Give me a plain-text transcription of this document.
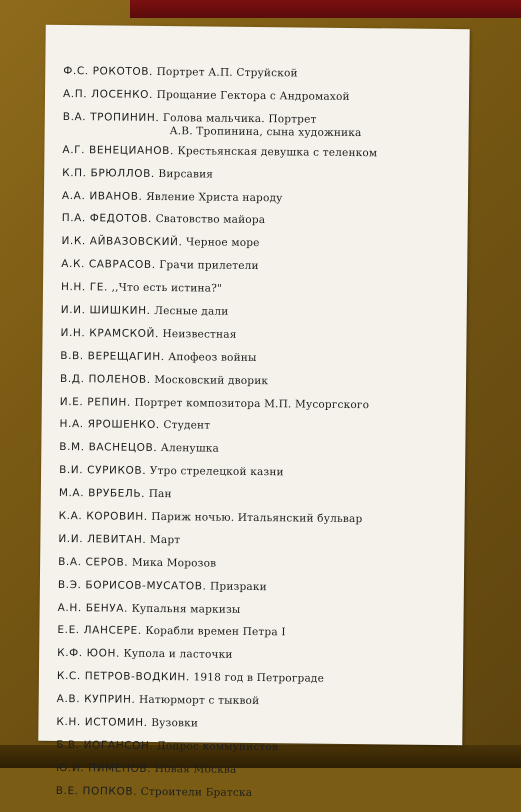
Ф.С. РОКОТОВ. Портрет А.П. Струйской
А.П. ЛОСЕНКО. Прощание Гектора с Андромахой
В.А. ТРОПИНИН. Голова мальчика. Портрет
А.В. Тропинина, сына художника
А.Г. ВЕНЕЦИАНОВ. Крестьянская девушка с теленком
К.П. БРЮЛЛОВ. Вирсавия
А.А. ИВАНОВ. Явление Христа народу
П.А. ФЕДОТОВ. Сватовство майора
И.К. АЙВАЗОВСКИЙ. Черное море
А.К. САВРАСОВ. Грачи прилетели
Н.Н. ГЕ. ,,Что есть истина?"
И.И. ШИШКИН. Лесные дали
И.Н. КРАМСКОЙ. Неизвестная
В.В. ВЕРЕЩАГИН. Апофеоз войны
В.Д. ПОЛЕНОВ. Московский дворик
И.Е. РЕПИН. Портрет композитора М.П. Мусоргского
Н.А. ЯРОШЕНКО. Студент
В.М. ВАСНЕЦОВ. Аленушка
В.И. СУРИКОВ. Утро стрелецкой казни
М.А. ВРУБЕЛЬ. Пан
К.А. КОРОВИН. Париж ночью. Итальянский бульвар
И.И. ЛЕВИТАН. Март
В.А. СЕРОВ. Мика Морозов
В.Э. БОРИСОВ-МУСАТОВ. Призраки
А.Н. БЕНУА. Купальня маркизы
Е.Е. ЛАНСЕРЕ. Корабли времен Петра I
К.Ф. ЮОН. Купола и ласточки
К.С. ПЕТРОВ-ВОДКИН. 1918 год в Петрограде
А.В. КУПРИН. Натюрморт с тыквой
К.Н. ИСТОМИН. Вузовки
Б.В. ИОГАНСОН. Допрос коммунистов
Ю.И. ПИМЕНОВ. Новая Москва
В.Е. ПОПКОВ. Строители Братска
